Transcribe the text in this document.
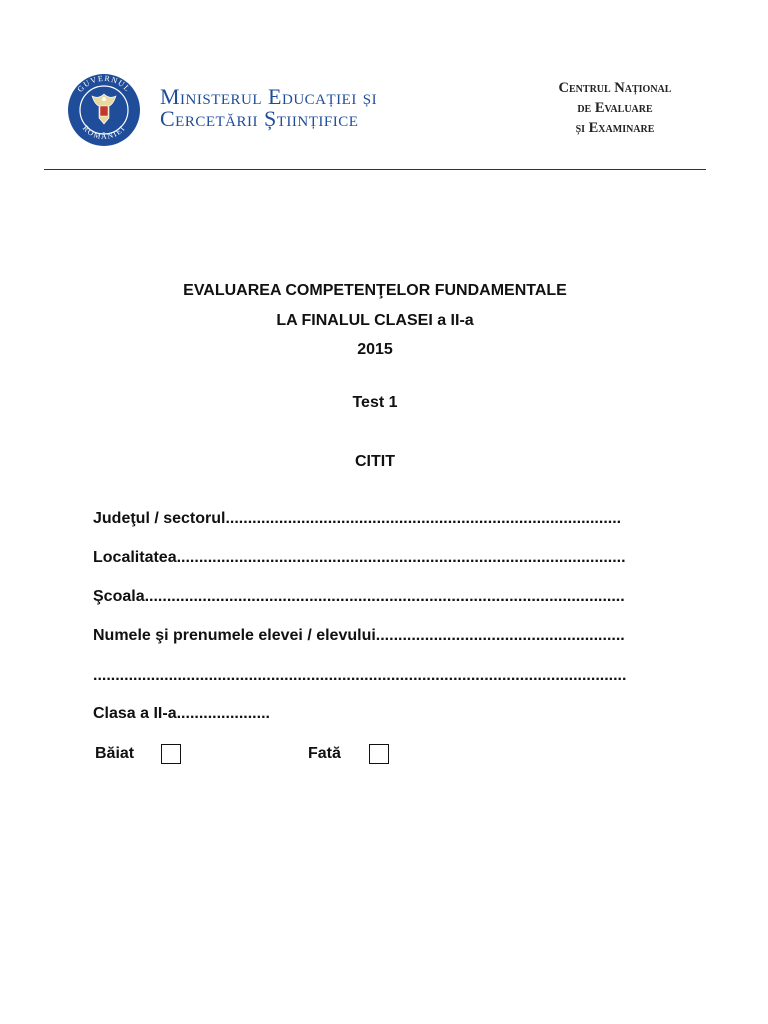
GUVERNUL
ROMÂNIEI
Ministerul Educației și
Cercetării Științifice
Centrul Național
de Evaluare
și Examinare
EVALUAREA COMPETENŢELOR FUNDAMENTALE
LA FINALUL CLASEI a II-a
2015
Test 1
CITIT
Judeţul / sectorul.........................................................................................
Localitatea.....................................................................................................
Şcoala............................................................................................................
Numele şi prenumele elevei / elevului........................................................
........................................................................................................................
Clasa a II-a.....................
Băiat	Fată
